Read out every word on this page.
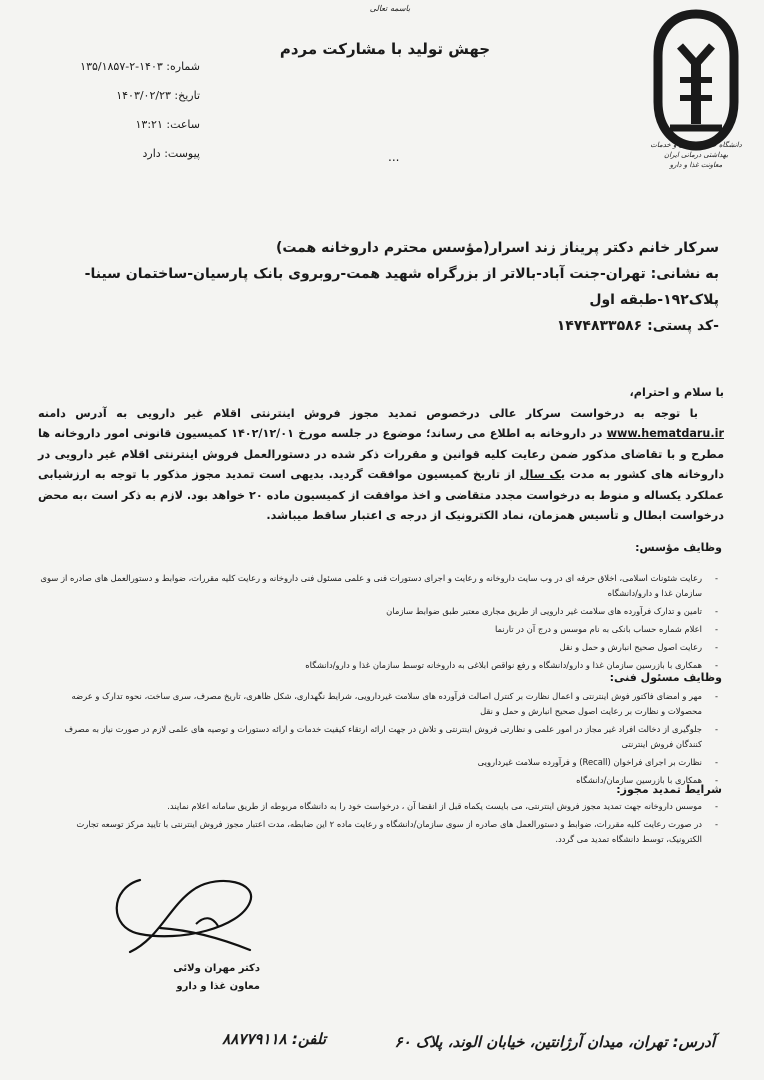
باسمه تعالی
جهش تولید با مشارکت مردم
شماره: ۱۴۰۳-۲-۱۳۵/۱۸۵۷
تاریخ: ۱۴۰۳/۰۲/۲۳
ساعت: ۱۳:۲۱
پیوست: دارد	...
دانشگاه علوم پزشکی و خدمات بهداشتی درمانی ایران
معاونت غذا و دارو
سرکار خانم دکتر پریناز زند اسرار(مؤسس محترم داروخانه همت)
به نشانی: تهران-جنت آباد-بالاتر از بزرگراه شهید همت-روبروی بانک پارسیان-ساختمان سینا-
پلاک۱۹۲-طبقه اول
-کد پستی: ۱۴۷۴۸۳۳۵۸۶

با سلام و احترام،

با توجه به درخواست سرکار عالی درخصوص تمدید مجوز فروش اینترنتی اقلام غیر دارویی به آدرس دامنه www.hematdaru.ir در داروخانه به اطلاع می رساند؛ موضوع در جلسه مورخ ۱۴۰۲/۱۲/۰۱ کمیسیون قانونی امور داروخانه ها مطرح و با تقاضای مذکور ضمن رعایت کلیه قوانین و مقررات ذکر شده در دستورالعمل فروش اینترنتی اقلام غیر دارویی در داروخانه های کشور به مدت یک سال از تاریخ کمیسیون موافقت گردید. بدیهی است تمدید مجوز مذکور با توجه به ارزشیابی عملکرد یکساله و منوط به درخواست مجدد متقاضی و اخذ موافقت از کمیسیون ماده ۲۰ خواهد بود. لازم به ذکر است ،به محض درخواست ابطال و تأسیس همزمان، نماد الکترونیک از درجه ی اعتبار ساقط میباشد.

وظایف مؤسس:
- رعایت شئونات اسلامی، اخلاق حرفه ای در وب سایت داروخانه و رعایت و اجرای دستورات فنی و علمی مسئول فنی داروخانه و رعایت کلیه مقررات، ضوابط و دستورالعمل های صادره از سوی سازمان غذا و دارو/دانشگاه
- تامین و تدارک فرآورده های سلامت غیر دارویی از طریق مجاری معتبر طبق ضوابط سازمان
- اعلام شماره حساب بانکی به نام موسس و درج آن در تارنما
- رعایت اصول صحیح انبارش و حمل و نقل
- همکاری با بازرسین سازمان غذا و دارو/دانشگاه و رفع نواقص ابلاغی به داروخانه توسط سازمان غذا و دارو/دانشگاه
وظایف مسئول فنی:
- مهر و امضای فاکتور فوش اینترنتی و اعمال نظارت بر کنترل اصالت فرآورده های سلامت غیردارویی، شرایط نگهداری، شکل ظاهری، تاریخ مصرف، سری ساخت، نحوه تدارک و عرضه محصولات و نظارت بر رعایت اصول صحیح انبارش و حمل و نقل
- جلوگیری از دخالت افراد غیر مجاز در امور علمی و نظارتی فروش اینترنتی و تلاش در جهت ارائه ارتقاء کیفیت خدمات و ارائه دستورات و توصیه های علمی لازم در صورت نیاز به مصرف کنندگان فروش اینترنتی
- نظارت بر اجرای فراخوان (Recall) و فرآورده سلامت غیردارویی
- همکاری با بازرسین سازمان/دانشگاه
شرایط تمدید مجوز:
- موسس داروخانه جهت تمدید مجوز فروش اینترنتی، می بایست یکماه قبل از انقضا آن ، درخواست خود را به دانشگاه مربوطه از طریق سامانه اعلام نمایند.
- در صورت رعایت کلیه مقررات، ضوابط و دستورالعمل های صادره از سوی سازمان/دانشگاه و رعایت ماده ۲ این ضابطه، مدت اعتبار مجوز فروش اینترنتی با تایید مرکز توسعه تجارت الکترونیک، توسط دانشگاه تمدید می گردد.
دکتر مهران ولائی
معاون غذا و دارو
آدرس: تهران، میدان آرژانتین، خیابان الوند، پلاک ۶۰
تلفن: ۸۸۷۷۹۱۱۸
